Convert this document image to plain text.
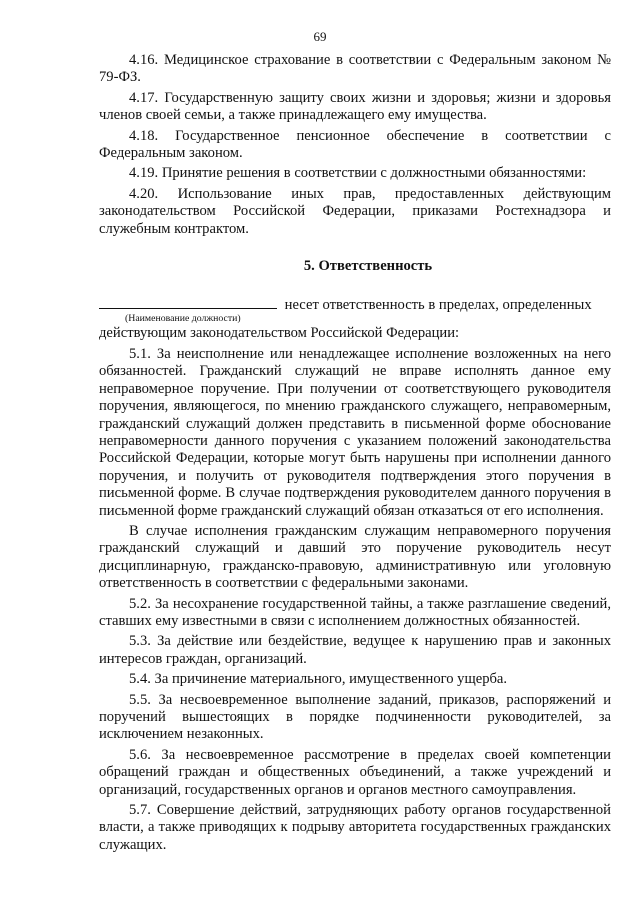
69

4.16. Медицинское страхование в соответствии с Федеральным законом № 79-ФЗ.

4.17. Государственную защиту своих жизни и здоровья; жизни и здоровья членов своей семьи, а также принадлежащего ему имущества.

4.18. Государственное пенсионное обеспечение в соответствии с Федеральным законом.

4.19. Принятие решения в соответствии с должностными обязанностями:

4.20. Использование иных прав, предоставленных действующим законодательством Российской Федерации, приказами Ростехнадзора и служебным контрактом.

5. Ответственность
несет ответственность в пределах, определенных
(Наименование должности)

действующим законодательством Российской Федерации:

5.1. За неисполнение или ненадлежащее исполнение возложенных на него обязанностей. Гражданский служащий не вправе исполнять данное ему неправомерное поручение. При получении от соответствующего руководителя поручения, являющегося, по мнению гражданского служащего, неправомерным, гражданский служащий должен представить в письменной форме обоснование неправомерности данного поручения с указанием положений законодательства Российской Федерации, которые могут быть нарушены при исполнении данного поручения, и получить от руководителя подтверждения этого поручения в письменной форме. В случае подтверждения руководителем данного поручения в письменной форме гражданский служащий обязан отказаться от его исполнения.

В случае исполнения гражданским служащим неправомерного поручения гражданский служащий и давший это поручение руководитель несут дисциплинарную, гражданско-правовую, административную или уголовную ответственность в соответствии с федеральными законами.

5.2. За несохранение государственной тайны, а также разглашение сведений, ставших ему известными в связи с исполнением должностных обязанностей.

5.3. За действие или бездействие, ведущее к нарушению прав и законных интересов граждан, организаций.

5.4. За причинение материального, имущественного ущерба.

5.5. За несвоевременное выполнение заданий, приказов, распоряжений и поручений вышестоящих в порядке подчиненности руководителей, за исключением незаконных.

5.6. За несвоевременное рассмотрение в пределах своей компетенции обращений граждан и общественных объединений, а также учреждений и организаций, государственных органов и органов местного самоуправления.

5.7. Совершение действий, затрудняющих работу органов государственной власти, а также приводящих к подрыву авторитета государственных гражданских служащих.
